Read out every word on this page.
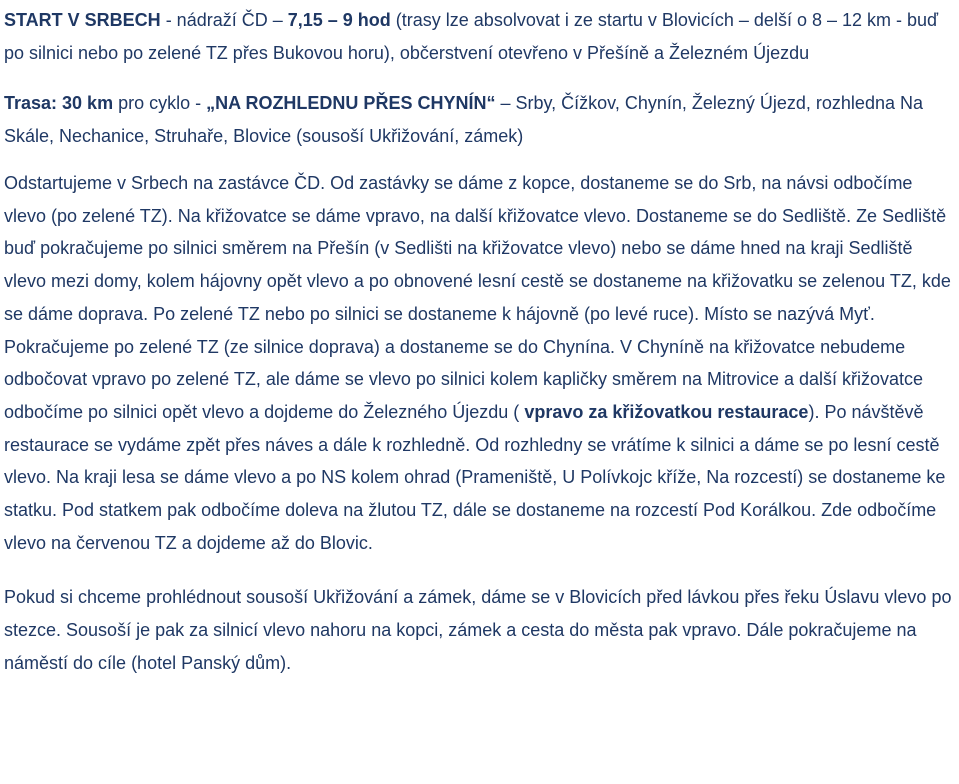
START V SRBECH - nádraží ČD – 7,15 – 9 hod (trasy lze absolvovat i ze startu v Blovicích – delší o 8 – 12 km - buď po silnici nebo po zelené TZ přes Bukovou horu), občerstvení otevřeno v Přešíně a Železném Újezdu

Trasa: 30 km pro cyklo - „NA ROZHLEDNU PŘES CHYNÍN“ – Srby, Čížkov, Chynín, Železný Újezd, rozhledna Na Skále, Nechanice, Struhaře, Blovice (sousoší Ukřižování, zámek)

Odstartujeme v Srbech na zastávce ČD. Od zastávky se dáme z kopce, dostaneme se do Srb, na návsi odbočíme vlevo (po zelené TZ). Na křižovatce se dáme vpravo, na další křižovatce vlevo. Dostaneme se do Sedliště. Ze Sedliště buď pokračujeme po silnici směrem na Přešín (v Sedlišti na křižovatce vlevo) nebo se dáme hned na kraji Sedliště vlevo mezi domy, kolem hájovny opět vlevo a po obnovené lesní cestě se dostaneme na křižovatku se zelenou TZ, kde se dáme doprava. Po zelené TZ nebo po silnici se dostaneme k hájovně (po levé ruce). Místo se nazývá Myť. Pokračujeme po zelené TZ (ze silnice doprava) a dostaneme se do Chynína. V Chyníně na křižovatce nebudeme odbočovat vpravo po zelené TZ, ale dáme se vlevo po silnici kolem kapličky směrem na Mitrovice a další křižovatce odbočíme po silnici opět vlevo a dojdeme do Železného Újezdu ( vpravo za křižovatkou restaurace). Po návštěvě restaurace se vydáme zpět přes náves a dále k rozhledně. Od rozhledny se vrátíme k silnici a dáme se po lesní cestě vlevo. Na kraji lesa se dáme vlevo a po NS kolem ohrad (Prameniště, U Polívkojc kříže, Na rozcestí) se dostaneme ke statku. Pod statkem pak odbočíme doleva na žlutou TZ, dále se dostaneme na rozcestí Pod Korálkou. Zde odbočíme vlevo na červenou TZ a dojdeme až do Blovic.

Pokud si chceme prohlédnout sousoší Ukřižování a zámek, dáme se v Blovicích před lávkou přes řeku Úslavu vlevo po stezce. Sousoší je pak za silnicí vlevo nahoru na kopci, zámek a cesta do města pak vpravo. Dále pokračujeme na náměstí do cíle (hotel Panský dům).
